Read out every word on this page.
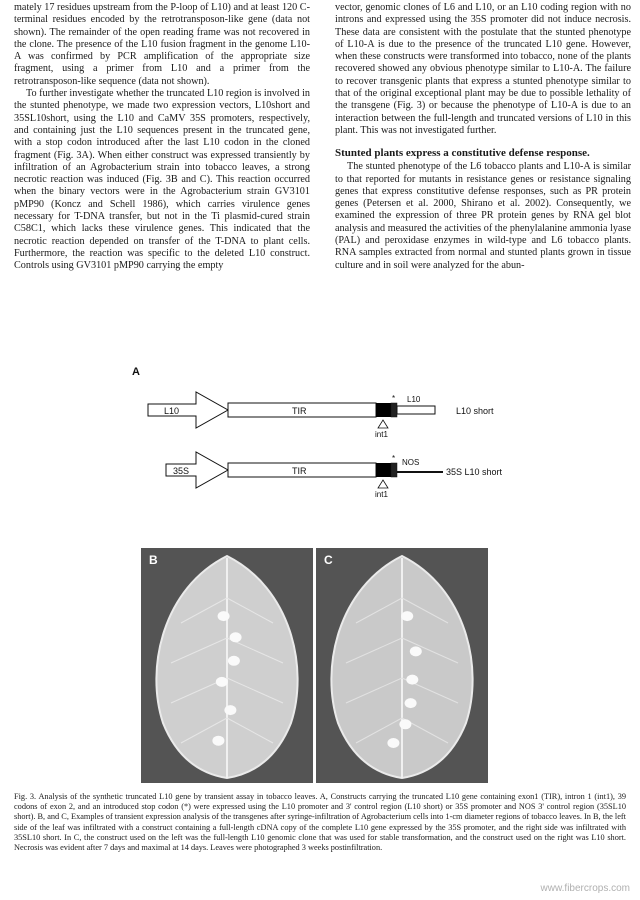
mately 17 residues upstream from the P-loop of L10) and at least 120 C-terminal residues encoded by the retrotransposon-like gene (data not shown). The remainder of the open reading frame was not recovered in the clone. The presence of the L10 fusion fragment in the genome L10-A was confirmed by PCR amplification of the appropriate size fragment, using a primer from L10 and a primer from the retrotransposon-like sequence (data not shown).

To further investigate whether the truncated L10 region is involved in the stunted phenotype, we made two expression vectors, L10short and 35SL10short, using the L10 and CaMV 35S promoters, respectively, and containing just the L10 sequences present in the truncated gene, with a stop codon introduced after the last L10 codon in the cloned fragment (Fig. 3A). When either construct was expressed transiently by infiltration of an Agrobacterium strain into tobacco leaves, a strong necrotic reaction was induced (Fig. 3B and C). This reaction occurred when the binary vectors were in the Agrobacterium strain GV3101 pMP90 (Koncz and Schell 1986), which carries virulence genes necessary for T-DNA transfer, but not in the Ti plasmid-cured strain C58C1, which lacks these virulence genes. This indicated that the necrotic reaction depended on transfer of the T-DNA to plant cells. Furthermore, the reaction was specific to the deleted L10 construct. Controls using GV3101 pMP90 carrying the empty

vector, genomic clones of L6 and L10, or an L10 coding region with no introns and expressed using the 35S promoter did not induce necrosis. These data are consistent with the postulate that the stunted phenotype of L10-A is due to the presence of the truncated L10 gene. However, when these constructs were transformed into tobacco, none of the plants recovered showed any obvious phenotype similar to L10-A. The failure to recover transgenic plants that express a stunted phenotype similar to that of the original exceptional plant may be due to possible lethality of the transgene (Fig. 3) or because the phenotype of L10-A is due to an interaction between the full-length and truncated versions of L10 in this plant. This was not investigated further.

Stunted plants express a constitutive defense response.

The stunted phenotype of the L6 tobacco plants and L10-A is similar to that reported for mutants in resistance genes or resistance signaling genes that express constitutive defense responses, such as PR protein genes (Petersen et al. 2000, Shirano et al. 2002). Consequently, we examined the expression of three PR protein genes by RNA gel blot analysis and measured the activities of the phenylalanine ammonia lyase (PAL) and peroxidase enzymes in wild-type and L6 tobacco plants. RNA samples extracted from normal and stunted plants grown in tissue culture and in soil were analyzed for the abun-

A
L10	TIR
* L10
int1
L10 short
35S	TIR
* NOS
int1
35S L10 short
B	C
Fig. 3. Analysis of the synthetic truncated L10 gene by transient assay in tobacco leaves. A, Constructs carrying the truncated L10 gene containing exon1 (TIR), intron 1 (int1), 39 codons of exon 2, and an introduced stop codon (*) were expressed using the L10 promoter and 3' control region (L10 short) or 35S promoter and NOS 3' control region (35SL10 short). B, and C, Examples of transient expression analysis of the transgenes after syringe-infiltration of Agrobacterium cells into 1-cm diameter regions of tobacco leaves. In B, the left side of the leaf was infiltrated with a construct containing a full-length cDNA copy of the complete L10 gene expressed by the 35S promoter, and the right side was infiltrated with 35SL10 short. In C, the construct used on the left was the full-length L10 genomic clone that was used for stable transformation, and the construct used on the right was L10 short. Necrosis was evident after 7 days and maximal at 14 days. Leaves were photographed 3 weeks postinfiltration.
www.fibercrops.com
